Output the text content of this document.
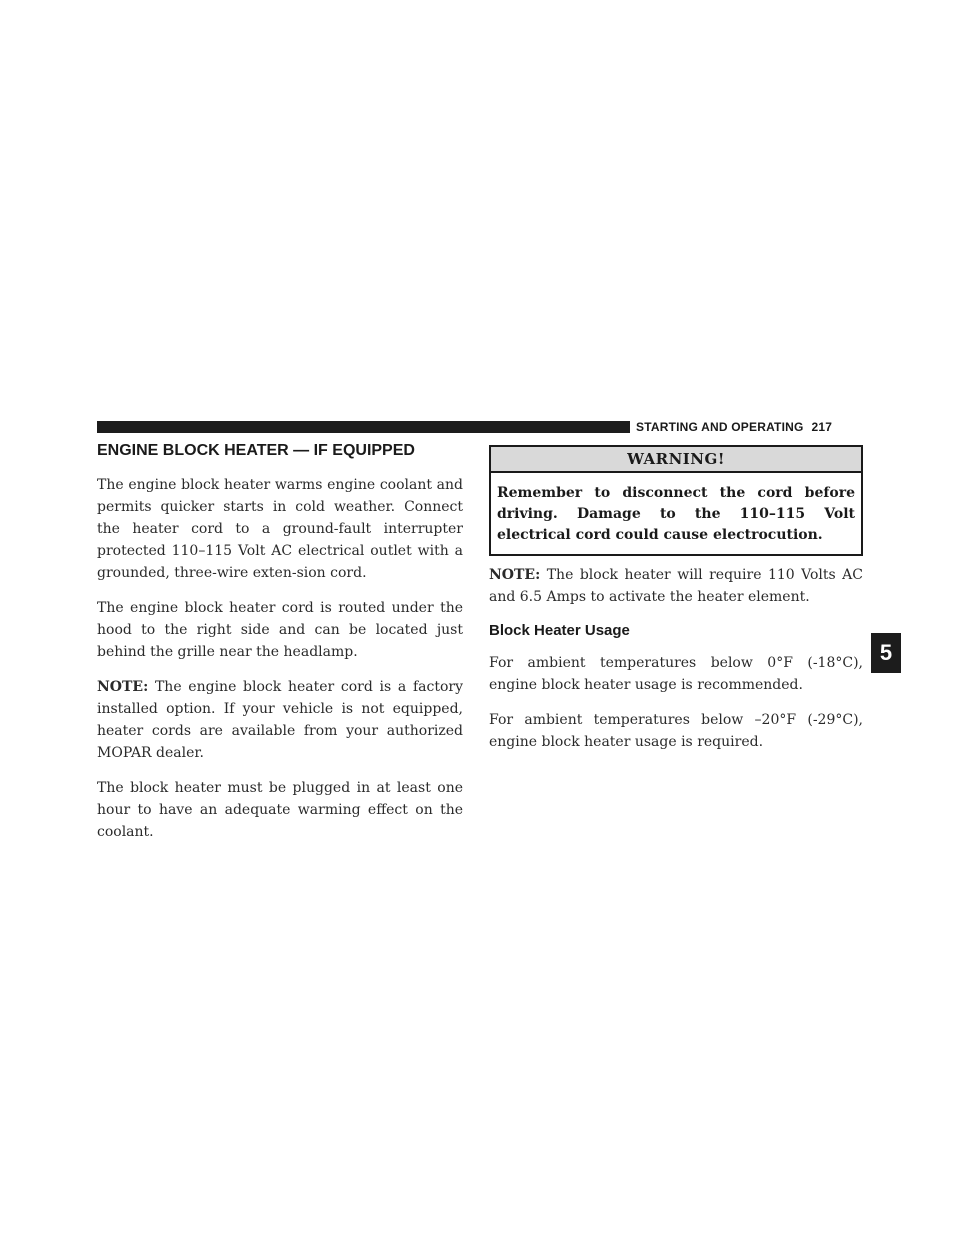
STARTING AND OPERATING 217
ENGINE BLOCK HEATER — IF EQUIPPED

The engine block heater warms engine coolant and permits quicker starts in cold weather. Connect the heater cord to a ground-fault interrupter protected 110–115 Volt AC electrical outlet with a grounded, three-wire exten-sion cord.

The engine block heater cord is routed under the hood to the right side and can be located just behind the grille near the headlamp.

NOTE: The engine block heater cord is a factory installed option. If your vehicle is not equipped, heater cords are available from your authorized MOPAR dealer.

The block heater must be plugged in at least one hour to have an adequate warming effect on the coolant.

WARNING!
Remember to disconnect the cord before driving. Damage to the 110–115 Volt electrical cord could cause electrocution.

NOTE: The block heater will require 110 Volts AC and 6.5 Amps to activate the heater element.

Block Heater Usage

For ambient temperatures below 0°F (-18°C), engine block heater usage is recommended.

For ambient temperatures below –20°F (-29°C), engine block heater usage is required.

5
